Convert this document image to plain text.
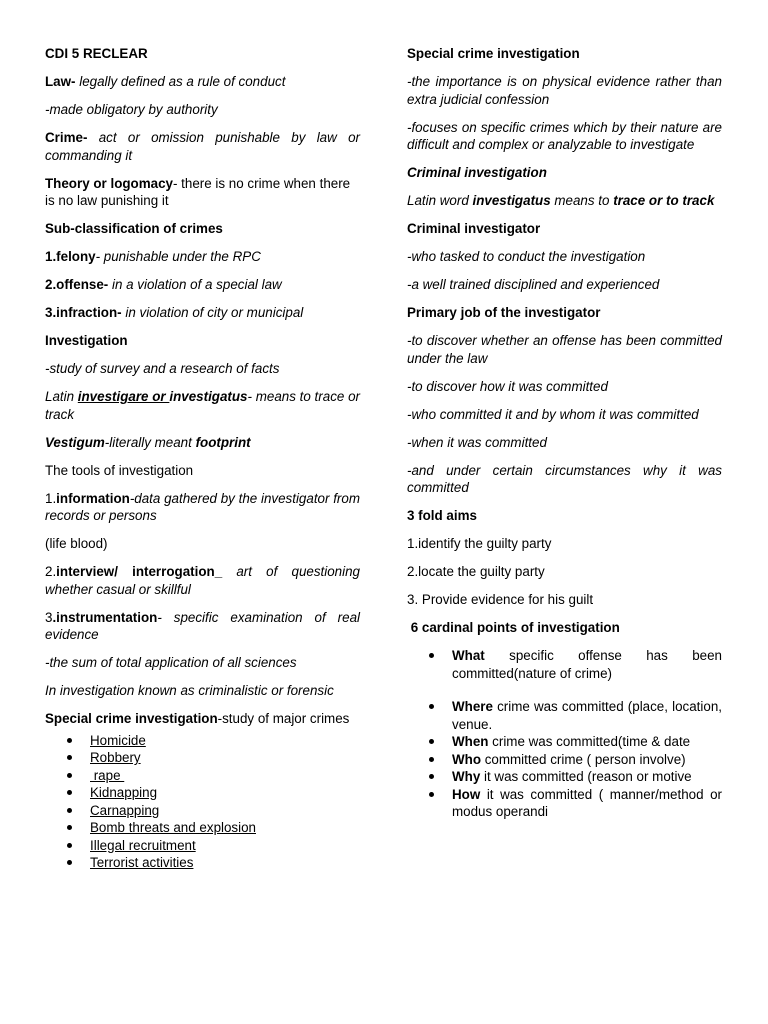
CDI 5 RECLEAR

Law- legally defined as a rule of conduct

-made obligatory by authority

Crime- act or omission punishable by law or commanding it

Theory or logomacy- there is no crime when there is no law punishing it

Sub-classification of crimes

1.felony- punishable under the RPC

2.offense- in a violation of a special law

3.infraction- in violation of city or municipal

Investigation

-study of survey and a research of facts

Latin investigare or investigatus- means to trace or track

Vestigum-literally meant footprint

The tools of investigation

1.information-data gathered by the investigator from records or persons

(life blood)

2.interview/ interrogation_ art of questioning whether casual or skillful

3.instrumentation- specific examination of real evidence

-the sum of total application of all sciences

In investigation known as criminalistic or forensic

Special crime investigation-study of major crimes

Homicide
Robbery
rape
Kidnapping
Carnapping
Bomb threats and explosion
Illegal recruitment
Terrorist activities

Special crime investigation

-the importance is on physical evidence rather than extra judicial confession

-focuses on specific crimes which by their nature are difficult and complex or analyzable to investigate

Criminal investigation

Latin word investigatus means to trace or to track

Criminal investigator

-who tasked to conduct the investigation

-a well trained disciplined and experienced

Primary job of the investigator

-to discover whether an offense has been committed under the law

-to discover how it was committed

-who committed it and by whom it was committed

-when it was committed

-and under certain circumstances why it was committed

3 fold aims

1.identify the guilty party

2.locate the guilty party

3. Provide evidence for his guilt

6 cardinal points of investigation

What specific offense has been committed(nature of crime)
Where crime was committed (place, location, venue.
When crime was committed(time & date
Who committed crime ( person involve)
Why it was committed (reason or motive
How it was committed ( manner/method or modus operandi
